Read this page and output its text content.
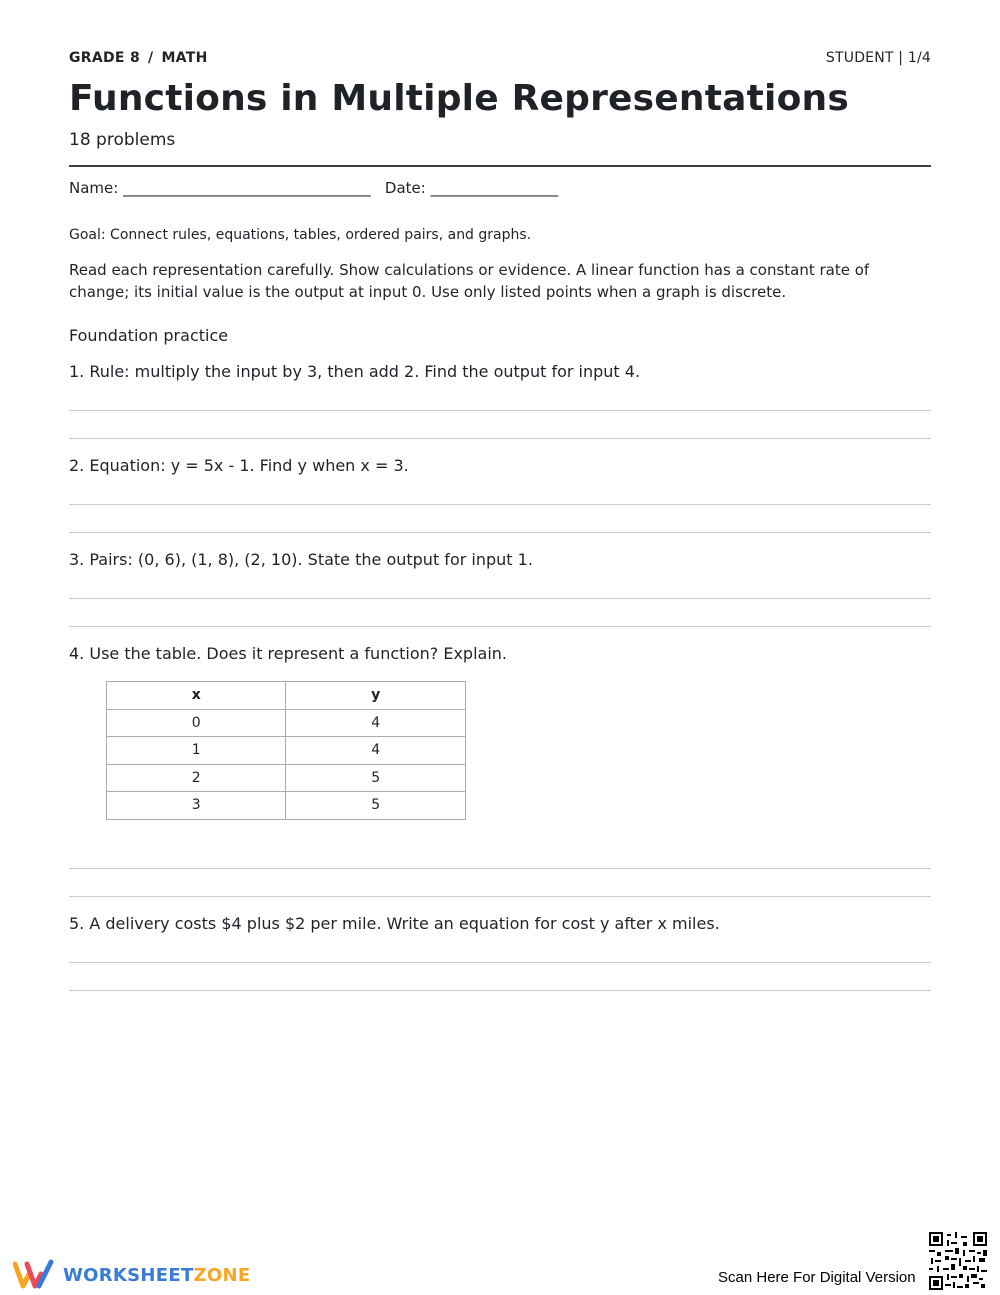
GRADE 8 / MATH	STUDENT | 1/4
Functions in Multiple Representations
18 problems
Name: _________________________________ Date: _________________
Goal: Connect rules, equations, tables, ordered pairs, and graphs.
Read each representation carefully. Show calculations or evidence. A linear function has a constant rate of change; its initial value is the output at input 0. Use only listed points when a graph is discrete.
Foundation practice
1. Rule: multiply the input by 3, then add 2. Find the output for input 4.
2. Equation: y = 5x - 1. Find y when x = 3.
3. Pairs: (0, 6), (1, 8), (2, 10). State the output for input 1.
4. Use the table. Does it represent a function? Explain.
x	y
0	4
1	4
2	5
3	5
5. A delivery costs $4 plus $2 per mile. Write an equation for cost y after x miles.
WORKSHEETZONE	Scan Here For Digital Version
